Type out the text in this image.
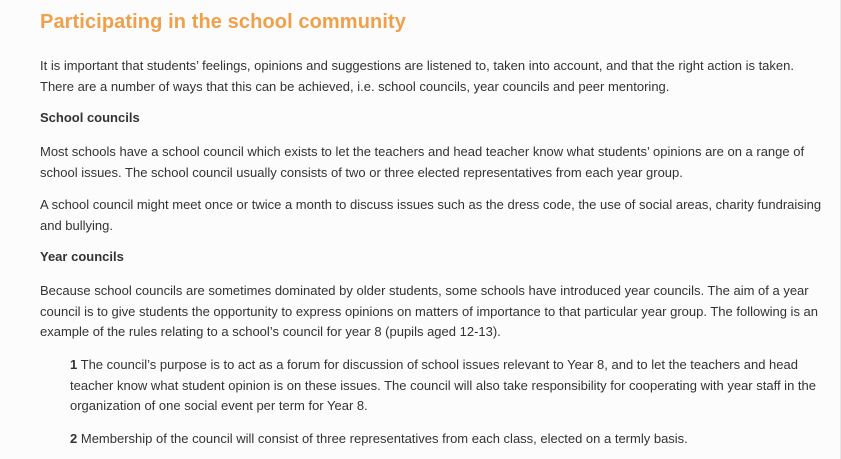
Participating in the school community

It is important that students’ feelings, opinions and suggestions are listened to, taken into account, and that the right action is taken. There are a number of ways that this can be achieved, i.e. school councils, year councils and peer mentoring.

School councils

Most schools have a school council which exists to let the teachers and head teacher know what students’ opinions are on a range of school issues. The school council usually consists of two or three elected representatives from each year group.

A school council might meet once or twice a month to discuss issues such as the dress code, the use of social areas, charity fundraising and bullying.

Year councils

Because school councils are sometimes dominated by older students, some schools have introduced year councils. The aim of a year council is to give students the opportunity to express opinions on matters of importance to that particular year group. The following is an example of the rules relating to a school’s council for year 8 (pupils aged 12-13).

1 The council’s purpose is to act as a forum for discussion of school issues relevant to Year 8, and to let the teachers and head teacher know what student opinion is on these issues. The council will also take responsibility for cooperating with year staff in the organization of one social event per term for Year 8.

2 Membership of the council will consist of three representatives from each class, elected on a termly basis.
